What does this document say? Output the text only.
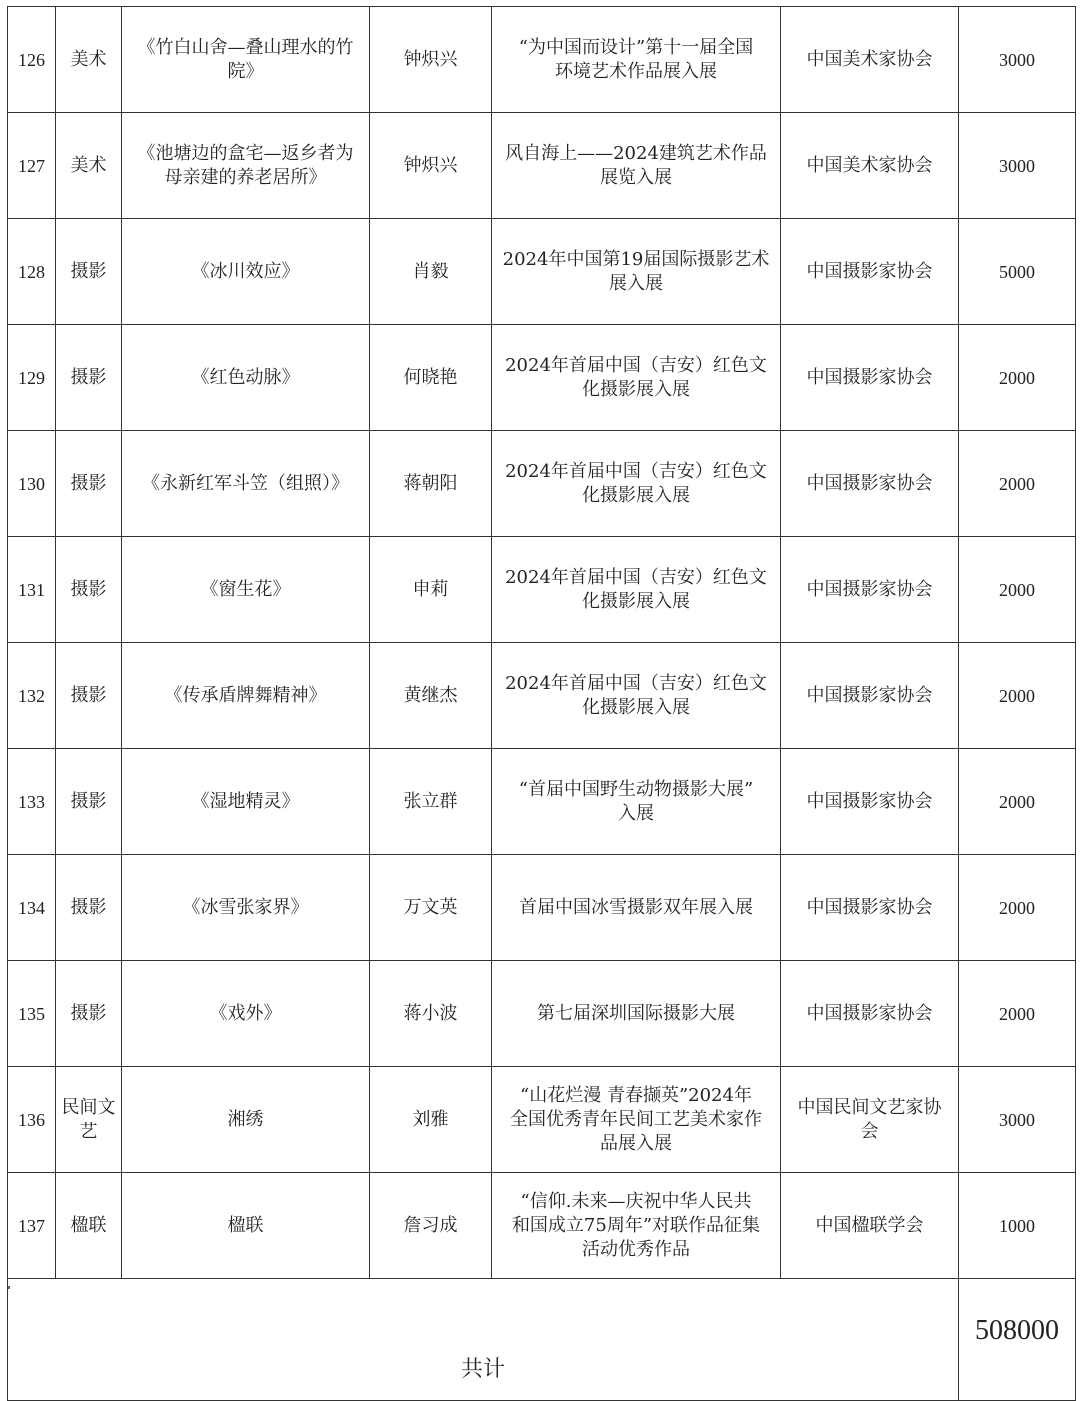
126	美术	《竹白山舍—叠山理水的竹
院》	钟炽兴	“为中国而设计”第十一届全国
环境艺术作品展入展	中国美术家协会	3000
127	美术	《池塘边的盒宅—返乡者为
母亲建的养老居所》	钟炽兴	风自海上——2024建筑艺术作品
展览入展	中国美术家协会	3000
128	摄影	《冰川效应》	肖毅	2024年中国第19届国际摄影艺术
展入展	中国摄影家协会	5000
129	摄影	《红色动脉》	何晓艳	2024年首届中国（吉安）红色文
化摄影展入展	中国摄影家协会	2000
130	摄影	《永新红军斗笠（组照）》	蒋朝阳	2024年首届中国（吉安）红色文
化摄影展入展	中国摄影家协会	2000
131	摄影	《窗生花》	申莉	2024年首届中国（吉安）红色文
化摄影展入展	中国摄影家协会	2000
132	摄影	《传承盾牌舞精神》	黄继杰	2024年首届中国（吉安）红色文
化摄影展入展	中国摄影家协会	2000
133	摄影	《湿地精灵》	张立群	“首届中国野生动物摄影大展”
入展	中国摄影家协会	2000
134	摄影	《冰雪张家界》	万文英	首届中国冰雪摄影双年展入展	中国摄影家协会	2000
135	摄影	《戏外》	蒋小波	第七届深圳国际摄影大展	中国摄影家协会	2000
136	民间文艺	湘绣	刘雅	“山花烂漫 青春撷英”2024年
全国优秀青年民间工艺美术家作
品展入展	中国民间文艺家协
会	3000
137	楹联	楹联	詹习成	“信仰.未来—庆祝中华人民共
和国成立75周年”对联作品征集
活动优秀作品	中国楹联学会	1000
共计						508000
